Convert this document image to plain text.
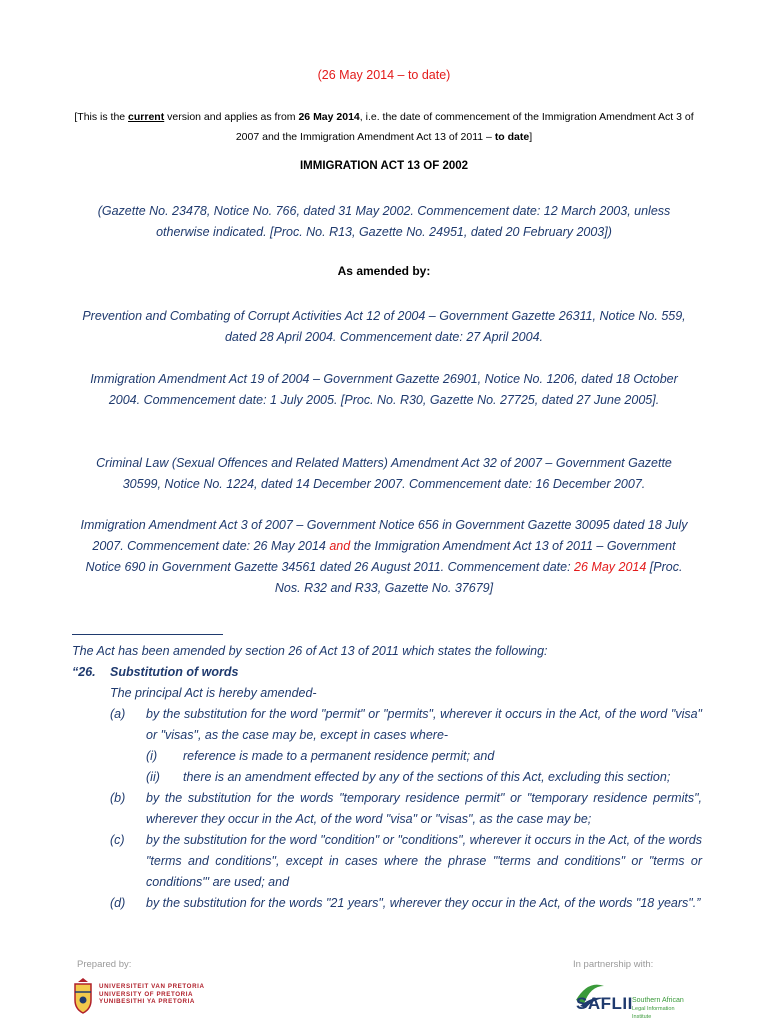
(26 May 2014 – to date)
[This is the current version and applies as from 26 May 2014, i.e. the date of commencement of the Immigration Amendment Act 3 of 2007 and the Immigration Amendment Act 13 of 2011 – to date]
IMMIGRATION ACT 13 OF 2002
(Gazette No. 23478, Notice No. 766, dated 31 May 2002. Commencement date: 12 March 2003, unless otherwise indicated. [Proc. No. R13, Gazette No. 24951, dated 20 February 2003])
As amended by:
Prevention and Combating of Corrupt Activities Act 12 of 2004 – Government Gazette 26311, Notice No. 559, dated 28 April 2004. Commencement date: 27 April 2004.
Immigration Amendment Act 19 of 2004 – Government Gazette 26901, Notice No. 1206, dated 18 October 2004. Commencement date: 1 July 2005. [Proc. No. R30, Gazette No. 27725, dated 27 June 2005].
Criminal Law (Sexual Offences and Related Matters) Amendment Act 32 of 2007 – Government Gazette 30599, Notice No. 1224, dated 14 December 2007. Commencement date: 16 December 2007.
Immigration Amendment Act 3 of 2007 – Government Notice 656 in Government Gazette 30095 dated 18 July 2007. Commencement date: 26 May 2014 and the Immigration Amendment Act 13 of 2011 – Government Notice 690 in Government Gazette 34561 dated 26 August 2011. Commencement date: 26 May 2014 [Proc. Nos. R32 and R33, Gazette No. 37679]
The Act has been amended by section 26 of Act 13 of 2011 which states the following:
“26.	Substitution of words
The principal Act is hereby amended-
(a) by the substitution for the word "permit" or "permits", wherever it occurs in the Act, of the word "visa" or "visas", as the case may be, except in cases where-
(i) reference is made to a permanent residence permit; and
(ii) there is an amendment effected by any of the sections of this Act, excluding this section;
(b) by the substitution for the words "temporary residence permit" or "temporary residence permits", wherever they occur in the Act, of the word "visa" or "visas", as the case may be;
(c) by the substitution for the word "condition" or "conditions", wherever it occurs in the Act, of the words "terms and conditions", except in cases where the phrase '"terms and conditions" or "terms or conditions"' are used; and
(d) by the substitution for the words "21 years", wherever they occur in the Act, of the words "18 years".”
Prepared by:	In partnership with:
UNIVERSITEIT VAN PRETORIA
UNIVERSITY OF PRETORIA
YUNIBESITHI YA PRETORIA	SAFLII Southern African
Legal Information Institute
